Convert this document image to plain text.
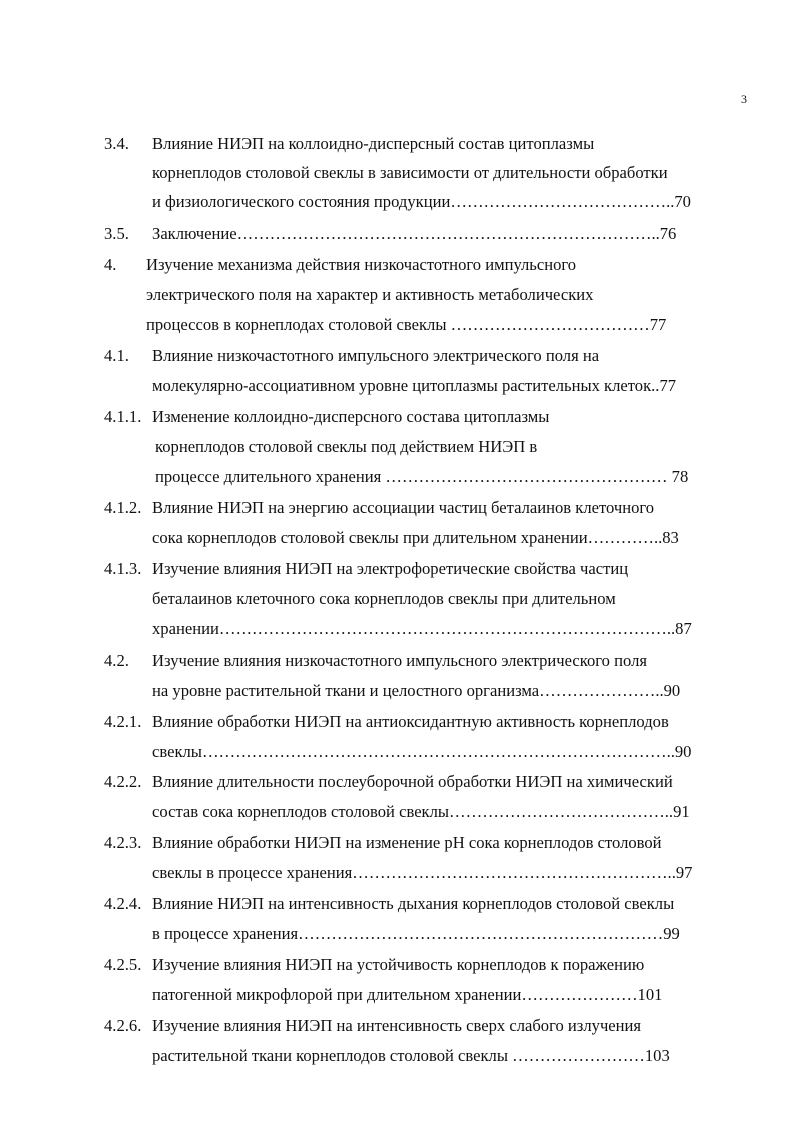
3

3.4. Влияние НИЭП на коллоидно-дисперсный состав цитоплазмы

корнеплодов столовой свеклы в зависимости от длительности обработки

и физиологического состояния продукции…………………………………..70

3.5. Заключение…………………………………………………………………..76

4. Изучение механизма действия низкочастотного импульсного

электрического поля на характер и активность метаболических

процессов в корнеплодах столовой свеклы ………………………………77

4.1. Влияние низкочастотного импульсного электрического поля на

молекулярно-ассоциативном уровне цитоплазмы растительных клеток..77

4.1.1. Изменение коллоидно-дисперсного состава цитоплазмы

корнеплодов столовой свеклы под действием НИЭП в

процессе длительного хранения …………………………………………… 78

4.1.2. Влияние НИЭП на энергию ассоциации частиц беталаинов клеточного

сока корнеплодов столовой свеклы при длительном хранении…………..83

4.1.3. Изучение влияния НИЭП на электрофоретические свойства частиц

беталаинов клеточного сока корнеплодов свеклы при длительном

хранении………………………………………………………………………..87

4.2. Изучение влияния низкочастотного импульсного электрического поля

на уровне растительной ткани и целостного организма…………………..90

4.2.1. Влияние обработки НИЭП на антиоксидантную активность корнеплодов

свеклы…………………………………………………………………………..90

4.2.2. Влияние длительности послеуборочной обработки НИЭП на химический

состав сока корнеплодов столовой свеклы…………………………………..91

4.2.3. Влияние обработки НИЭП на изменение pH сока корнеплодов столовой

свеклы в процессе хранения…………………………………………………..97

4.2.4. Влияние НИЭП на интенсивность дыхания корнеплодов столовой свеклы

в процессе хранения…………………………………………………………99

4.2.5. Изучение влияния НИЭП на устойчивость корнеплодов к поражению

патогенной микрофлорой при длительном хранении…………………101

4.2.6. Изучение влияния НИЭП на интенсивность сверх слабого излучения

растительной ткани корнеплодов столовой свеклы ……………………103
